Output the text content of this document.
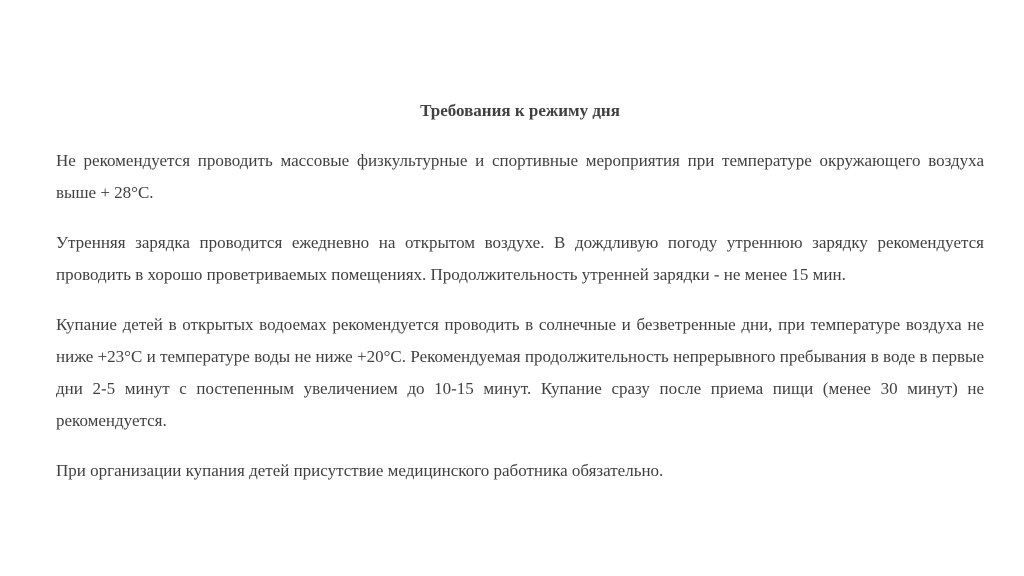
Требования к режиму дня

Не рекомендуется проводить массовые физкультурные и спортивные мероприятия при температуре окружающего воздуха выше + 28°С.

Утренняя зарядка проводится ежедневно на открытом воздухе. В дождливую погоду утреннюю зарядку рекомендуется проводить в хорошо проветриваемых помещениях. Продолжительность утренней зарядки - не менее 15 мин.

Купание детей в открытых водоемах рекомендуется проводить в солнечные и безветренные дни, при температуре воздуха не ниже +23°С и температуре воды не ниже +20°С. Рекомендуемая продолжительность непрерывного пребывания в воде в первые дни 2-5 минут с постепенным увеличением до 10-15 минут. Купание сразу после приема пищи (менее 30 минут) не рекомендуется.

При организации купания детей присутствие медицинского работника обязательно.
